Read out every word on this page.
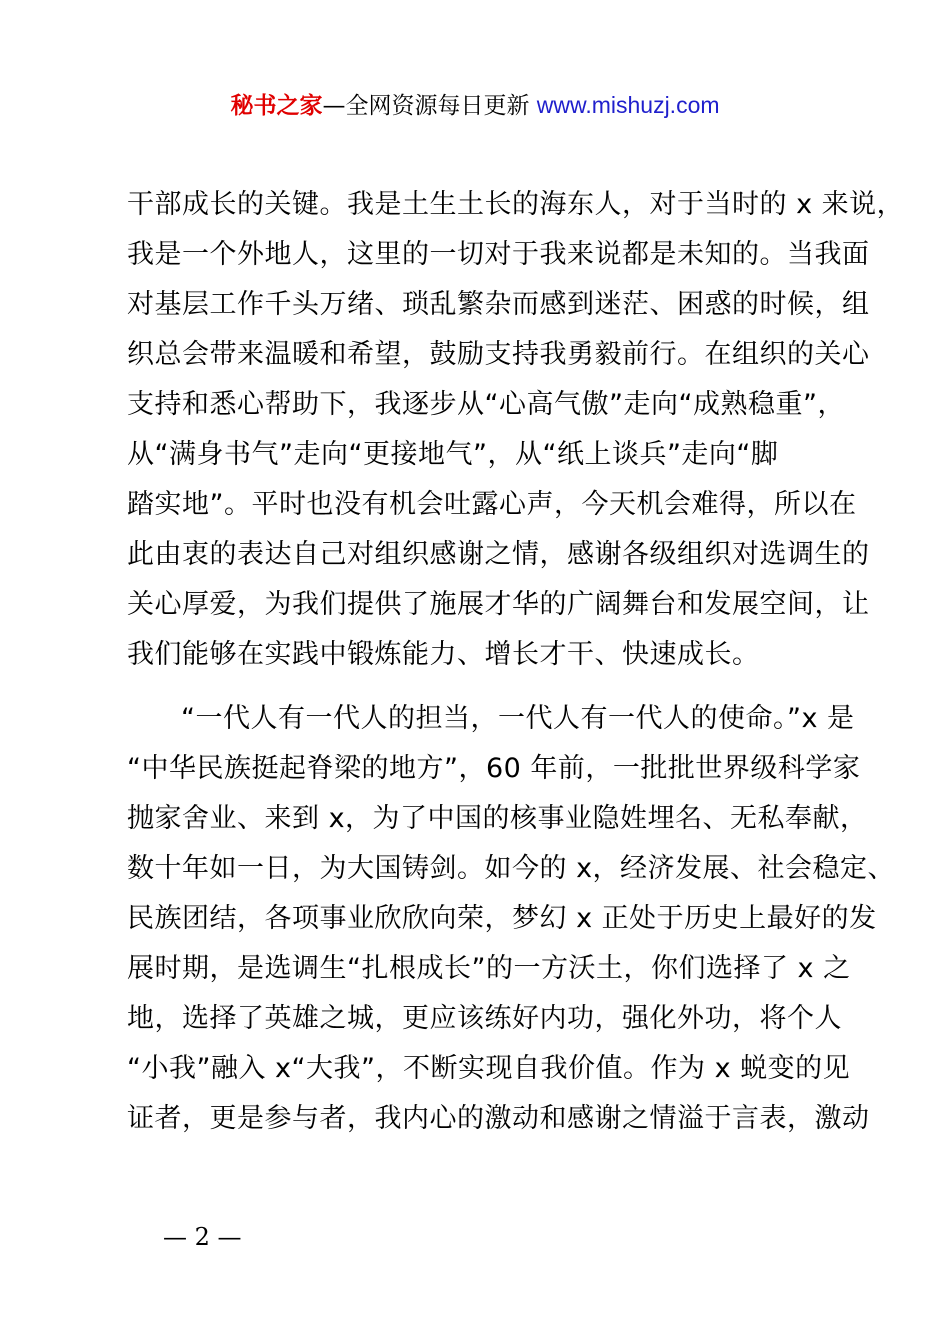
秘书之家—全网资源每日更新 www.mishuzj.com
干部成长的关键。我是土生土长的海东人，对于当时的 x 来说，
我是一个外地人，这里的一切对于我来说都是未知的。当我面
对基层工作千头万绪、琐乱繁杂而感到迷茫、困惑的时候，组
织总会带来温暖和希望，鼓励支持我勇毅前行。在组织的关心
支持和悉心帮助下，我逐步从“心高气傲”走向“成熟稳重”，
从“满身书气”走向“更接地气”，从“纸上谈兵”走向“脚
踏实地”。平时也没有机会吐露心声，今天机会难得，所以在
此由衷的表达自己对组织感谢之情，感谢各级组织对选调生的
关心厚爱，为我们提供了施展才华的广阔舞台和发展空间，让
我们能够在实践中锻炼能力、增长才干、快速成长。
“一代人有一代人的担当，一代人有一代人的使命。”x 是
“中华民族挺起脊梁的地方”，60 年前，一批批世界级科学家
抛家舍业、来到 x，为了中国的核事业隐姓埋名、无私奉献，
数十年如一日，为大国铸剑。如今的 x，经济发展、社会稳定、
民族团结，各项事业欣欣向荣，梦幻 x 正处于历史上最好的发
展时期，是选调生“扎根成长”的一方沃土，你们选择了 x 之
地，选择了英雄之城，更应该练好内功，强化外功，将个人
“小我”融入 x“大我”，不断实现自我价值。作为 x 蜕变的见
证者，更是参与者，我内心的激动和感谢之情溢于言表，激动
— 2 —
